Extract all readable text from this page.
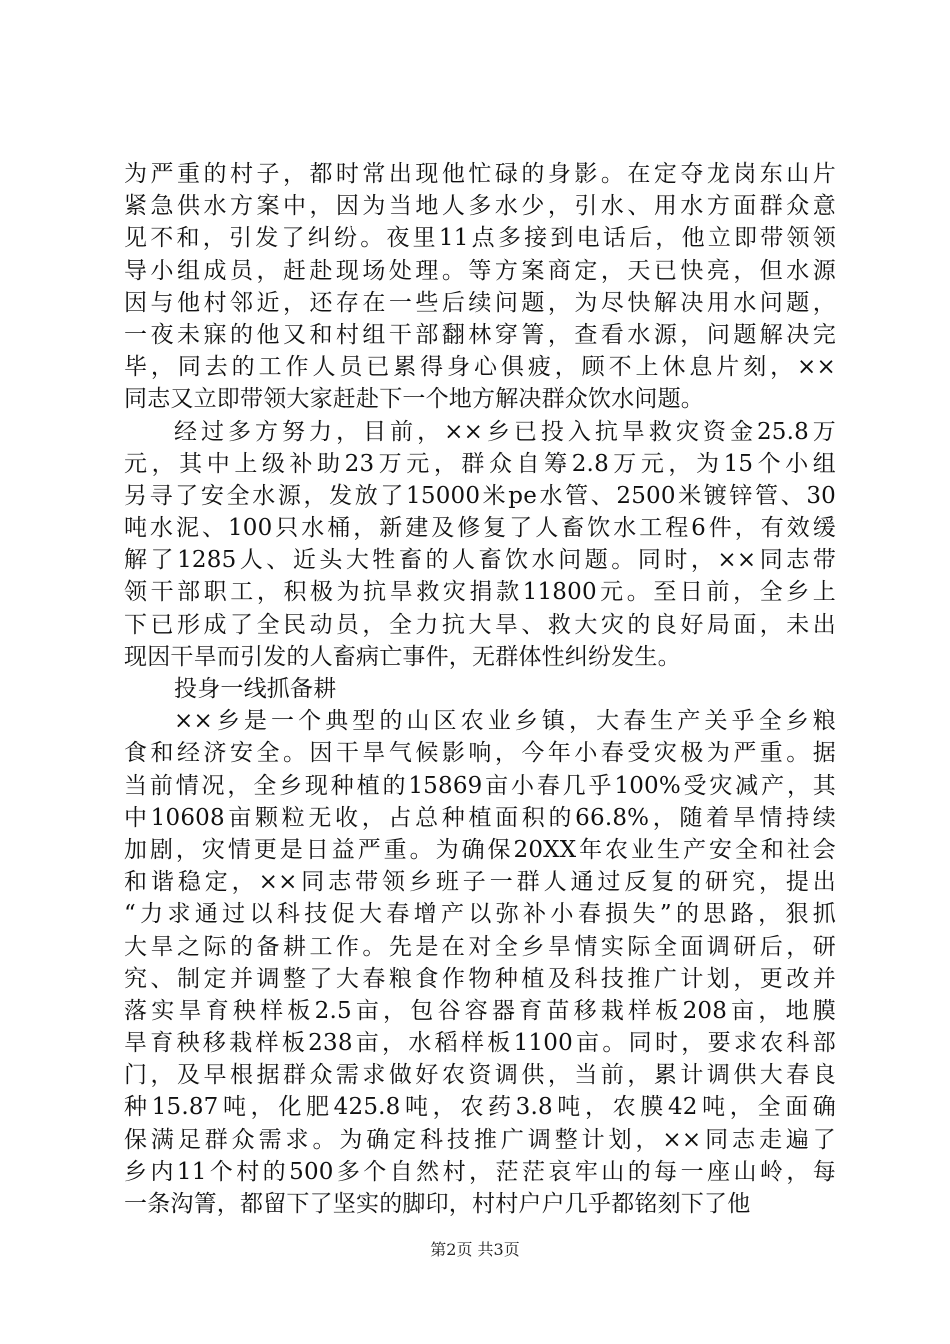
为严重的村子，都时常出现他忙碌的身影。在定夺龙岗东山片
紧急供水方案中，因为当地人多水少，引水、用水方面群众意
见不和，引发了纠纷。夜里11点多接到电话后，他立即带领领
导小组成员，赶赴现场处理。等方案商定，天已快亮，但水源
因与他村邻近，还存在一些后续问题，为尽快解决用水问题，
一夜未寐的他又和村组干部翻林穿箐，查看水源，问题解决完
毕，同去的工作人员已累得身心俱疲，顾不上休息片刻，××
同志又立即带领大家赶赴下一个地方解决群众饮水问题。
经过多方努力，目前，××乡已投入抗旱救灾资金25.8万
元，其中上级补助23万元，群众自筹2.8万元，为15个小组
另寻了安全水源，发放了15000米pe水管、2500米镀锌管、30
吨水泥、100只水桶，新建及修复了人畜饮水工程6件，有效缓
解了1285人、近头大牲畜的人畜饮水问题。同时，××同志带
领干部职工，积极为抗旱救灾捐款11800元。至日前，全乡上
下已形成了全民动员，全力抗大旱、救大灾的良好局面，未出
现因干旱而引发的人畜病亡事件，无群体性纠纷发生。
投身一线抓备耕
××乡是一个典型的山区农业乡镇，大春生产关乎全乡粮
食和经济安全。因干旱气候影响，今年小春受灾极为严重。据
当前情况，全乡现种植的15869亩小春几乎100%受灾减产，其
中10608亩颗粒无收，占总种植面积的66.8%，随着旱情持续
加剧，灾情更是日益严重。为确保20XX年农业生产安全和社会
和谐稳定，××同志带领乡班子一群人通过反复的研究，提出
“力求通过以科技促大春增产以弥补小春损失”的思路，狠抓
大旱之际的备耕工作。先是在对全乡旱情实际全面调研后，研
究、制定并调整了大春粮食作物种植及科技推广计划，更改并
落实旱育秧样板2.5亩，包谷容器育苗移栽样板208亩，地膜
旱育秧移栽样板238亩，水稻样板1100亩。同时，要求农科部
门，及早根据群众需求做好农资调供，当前，累计调供大春良
种15.87吨，化肥425.8吨，农药3.8吨，农膜42吨，全面确
保满足群众需求。为确定科技推广调整计划，××同志走遍了
乡内11个村的500多个自然村，茫茫哀牢山的每一座山岭，每
一条沟箐，都留下了坚实的脚印，村村户户几乎都铭刻下了他
第2页 共3页
